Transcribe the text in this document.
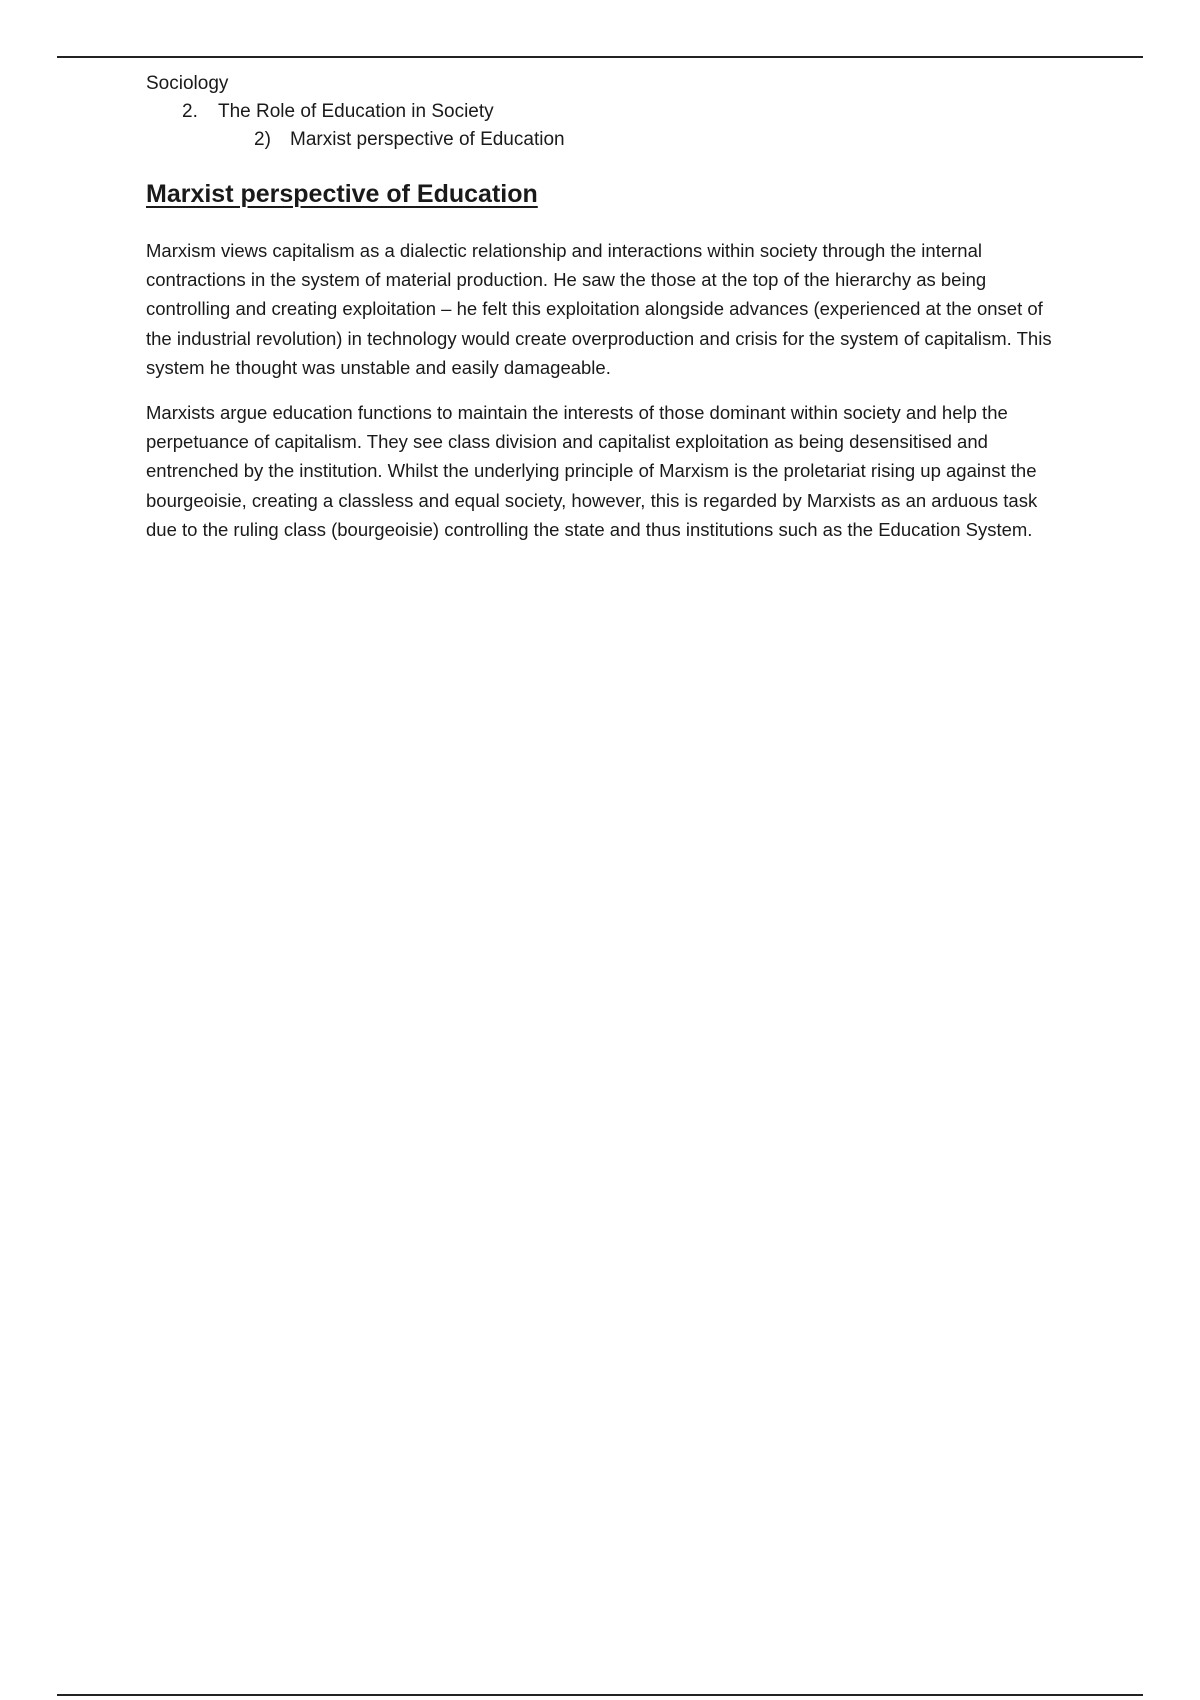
Sociology
2.	The Role of Education in Society
2)	Marxist perspective of Education
Marxist perspective of Education

Marxism views capitalism as a dialectic relationship and interactions within society through the internal contractions in the system of material production. He saw the those at the top of the hierarchy as being controlling and creating exploitation – he felt this exploitation alongside advances (experienced at the onset of the industrial revolution) in technology would create overproduction and crisis for the system of capitalism. This system he thought was unstable and easily damageable.

Marxists argue education functions to maintain the interests of those dominant within society and help the perpetuance of capitalism. They see class division and capitalist exploitation as being desensitised and entrenched by the institution. Whilst the underlying principle of Marxism is the proletariat rising up against the bourgeoisie, creating a classless and equal society, however, this is regarded by Marxists as an arduous task due to the ruling class (bourgeoisie) controlling the state and thus institutions such as the Education System.
